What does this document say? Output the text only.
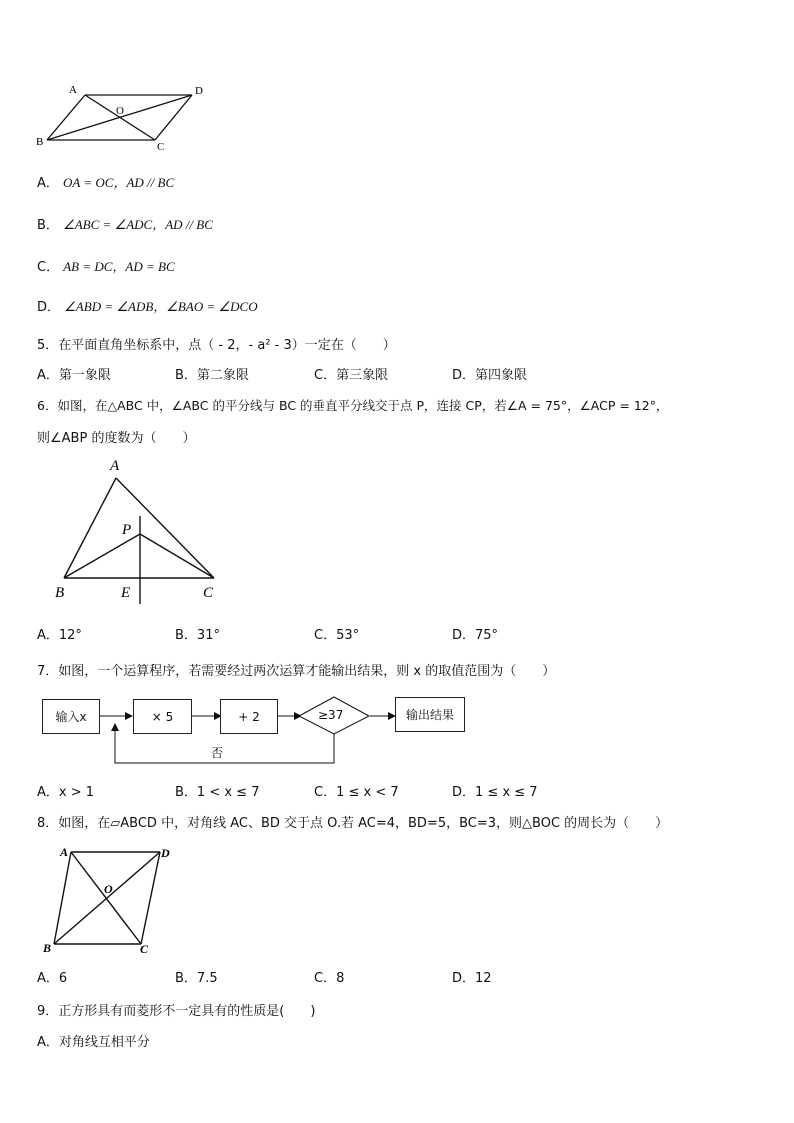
A	D
O
B	C
A． OA = OC，AD // BC
B． ∠ABC = ∠ADC，AD // BC
C． AB = DC，AD = BC
D． ∠ABD = ∠ADB，∠BAO = ∠DCO
5．在平面直角坐标系中，点（ - 2，- a² - 3）一定在（　　）
A．第一象限	B．第二象限	C．第三象限	D．第四象限
6．如图，在△ABC 中，∠ABC 的平分线与 BC 的垂直平分线交于点 P，连接 CP，若∠A = 75°，∠ACP = 12°，
则∠ABP 的度数为（　　）
A
P
B	E	C
A．12°	B．31°	C．53°	D．75°
7．如图，一个运算程序，若需要经过两次运算才能输出结果，则 x 的取值范围为（　　）
输入x	× 5	+ 2	≥37	输出结果
否
A．x > 1	B．1 < x ≤ 7	C．1 ≤ x < 7	D．1 ≤ x ≤ 7
8．如图，在▱ABCD 中，对角线 AC、BD 交于点 O.若 AC=4，BD=5，BC=3，则△BOC 的周长为（　　）
A	D
O
B	C
A．6	B．7.5	C．8	D．12
9．正方形具有而菱形不一定具有的性质是(　　)
A．对角线互相平分
